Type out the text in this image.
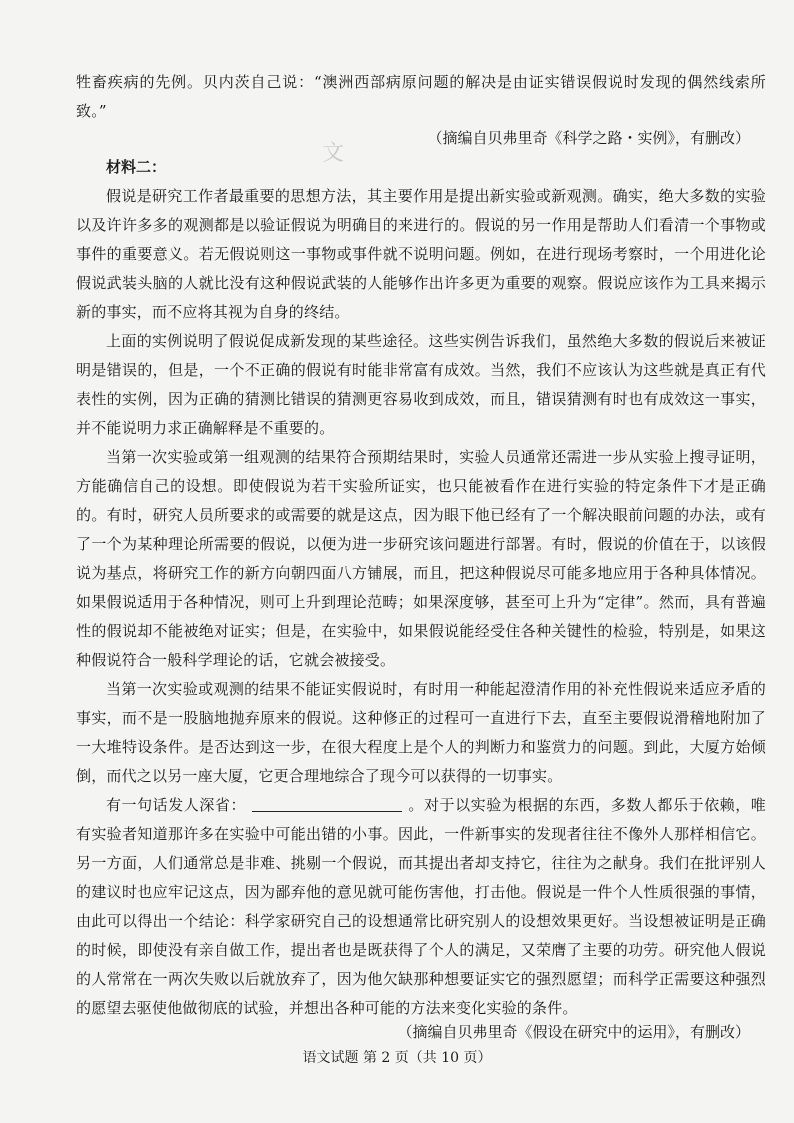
牲畜疾病的先例。贝内茨自己说：“澳洲西部病原问题的解决是由证实错误假说时发现的偶然线索所致。”

（摘编自贝弗里奇《科学之路・实例》，有删改）
文
材料二：

假说是研究工作者最重要的思想方法，其主要作用是提出新实验或新观测。确实，绝大多数的实验以及许许多多的观测都是以验证假说为明确目的来进行的。假说的另一作用是帮助人们看清一个事物或事件的重要意义。若无假说则这一事物或事件就不说明问题。例如，在进行现场考察时，一个用进化论假说武装头脑的人就比没有这种假说武装的人能够作出许多更为重要的观察。假说应该作为工具来揭示新的事实，而不应将其视为自身的终结。

上面的实例说明了假说促成新发现的某些途径。这些实例告诉我们，虽然绝大多数的假说后来被证明是错误的，但是，一个不正确的假说有时能非常富有成效。当然，我们不应该认为这些就是真正有代表性的实例，因为正确的猜测比错误的猜测更容易收到成效，而且，错误猜测有时也有成效这一事实，并不能说明力求正确解释是不重要的。

当第一次实验或第一组观测的结果符合预期结果时，实验人员通常还需进一步从实验上搜寻证明，方能确信自己的设想。即使假说为若干实验所证实，也只能被看作在进行实验的特定条件下才是正确的。有时，研究人员所要求的或需要的就是这点，因为眼下他已经有了一个解决眼前问题的办法，或有了一个为某种理论所需要的假说，以便为进一步研究该问题进行部署。有时，假说的价值在于，以该假说为基点，将研究工作的新方向朝四面八方铺展，而且，把这种假说尽可能多地应用于各种具体情况。如果假说适用于各种情况，则可上升到理论范畴；如果深度够，甚至可上升为“定律”。然而，具有普遍性的假说却不能被绝对证实；但是，在实验中，如果假说能经受住各种关键性的检验，特别是，如果这种假说符合一般科学理论的话，它就会被接受。

当第一次实验或观测的结果不能证实假说时，有时用一种能起澄清作用的补充性假说来适应矛盾的事实，而不是一股脑地抛弃原来的假说。这种修正的过程可一直进行下去，直至主要假说滑稽地附加了一大堆特设条件。是否达到这一步，在很大程度上是个人的判断力和鉴赏力的问题。到此，大厦方始倾倒，而代之以另一座大厦，它更合理地综合了现今可以获得的一切事实。

有一句话发人深省：	。对于以实验为根据的东西，多数人都乐于依赖，唯有实验者知道那许多在实验中可能出错的小事。因此，一件新事实的发现者往往不像外人那样相信它。另一方面，人们通常总是非难、挑剔一个假说，而其提出者却支持它，往往为之献身。我们在批评别人的建议时也应牢记这点，因为鄙弃他的意见就可能伤害他，打击他。假说是一件个人性质很强的事情，由此可以得出一个结论：科学家研究自己的设想通常比研究别人的设想效果更好。当设想被证明是正确的时候，即使没有亲自做工作，提出者也是既获得了个人的满足，又荣膺了主要的功劳。研究他人假说的人常常在一两次失败以后就放弃了，因为他欠缺那种想要证实它的强烈愿望；而科学正需要这种强烈的愿望去驱使他做彻底的试验，并想出各种可能的方法来变化实验的条件。

（摘编自贝弗里奇《假设在研究中的运用》，有删改）
语文试题 第 2 页（共 10 页）
